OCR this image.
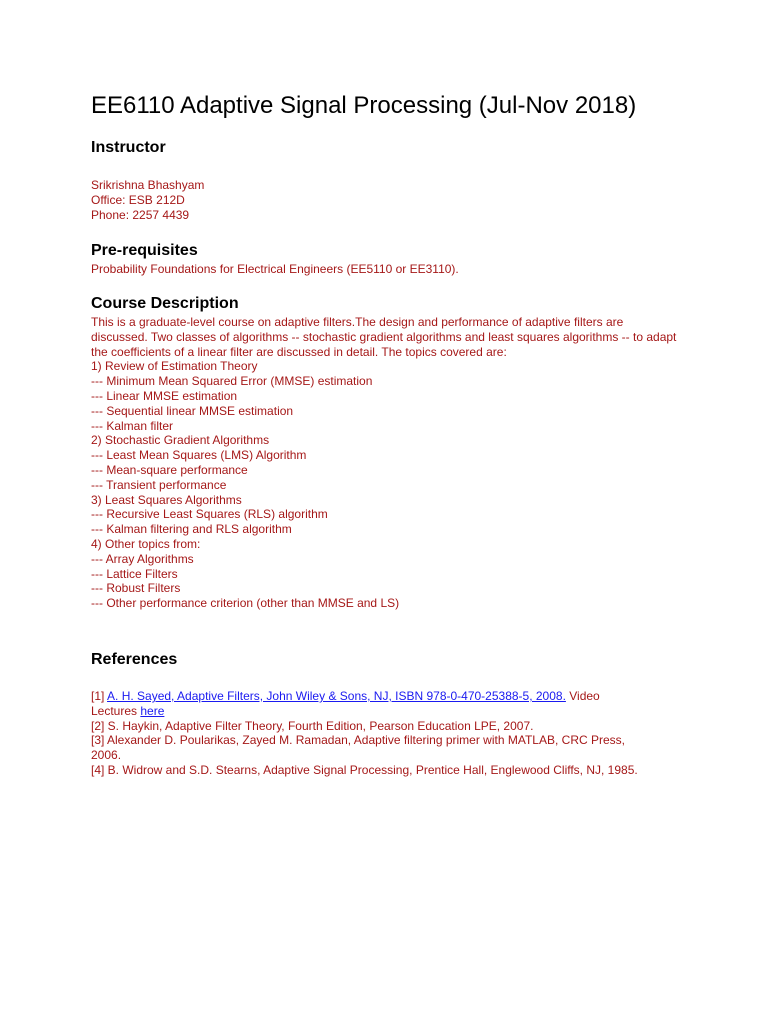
EE6110 Adaptive Signal Processing (Jul-Nov 2018)
Instructor
Srikrishna Bhashyam
Office: ESB 212D
Phone: 2257 4439
Pre-requisites
Probability Foundations for Electrical Engineers (EE5110 or EE3110).
Course Description
This is a graduate-level course on adaptive filters.The design and performance of adaptive filters are discussed. Two classes of algorithms -- stochastic gradient algorithms and least squares algorithms -- to adapt the coefficients of a linear filter are discussed in detail. The topics covered are:
1) Review of Estimation Theory
--- Minimum Mean Squared Error (MMSE) estimation
--- Linear MMSE estimation
--- Sequential linear MMSE estimation
--- Kalman filter
2) Stochastic Gradient Algorithms
--- Least Mean Squares (LMS) Algorithm
--- Mean-square performance
--- Transient performance
3) Least Squares Algorithms
--- Recursive Least Squares (RLS) algorithm
--- Kalman filtering and RLS algorithm
4) Other topics from:
--- Array Algorithms
--- Lattice Filters
--- Robust Filters
--- Other performance criterion (other than MMSE and LS)
References
[1] A. H. Sayed, Adaptive Filters, John Wiley & Sons, NJ, ISBN 978-0-470-25388-5, 2008. Video
Lectures here
[2] S. Haykin, Adaptive Filter Theory, Fourth Edition, Pearson Education LPE, 2007.
[3] Alexander D. Poularikas, Zayed M. Ramadan, Adaptive filtering primer with MATLAB, CRC Press,
2006.
[4] B. Widrow and S.D. Stearns, Adaptive Signal Processing, Prentice Hall, Englewood Cliffs, NJ, 1985.
